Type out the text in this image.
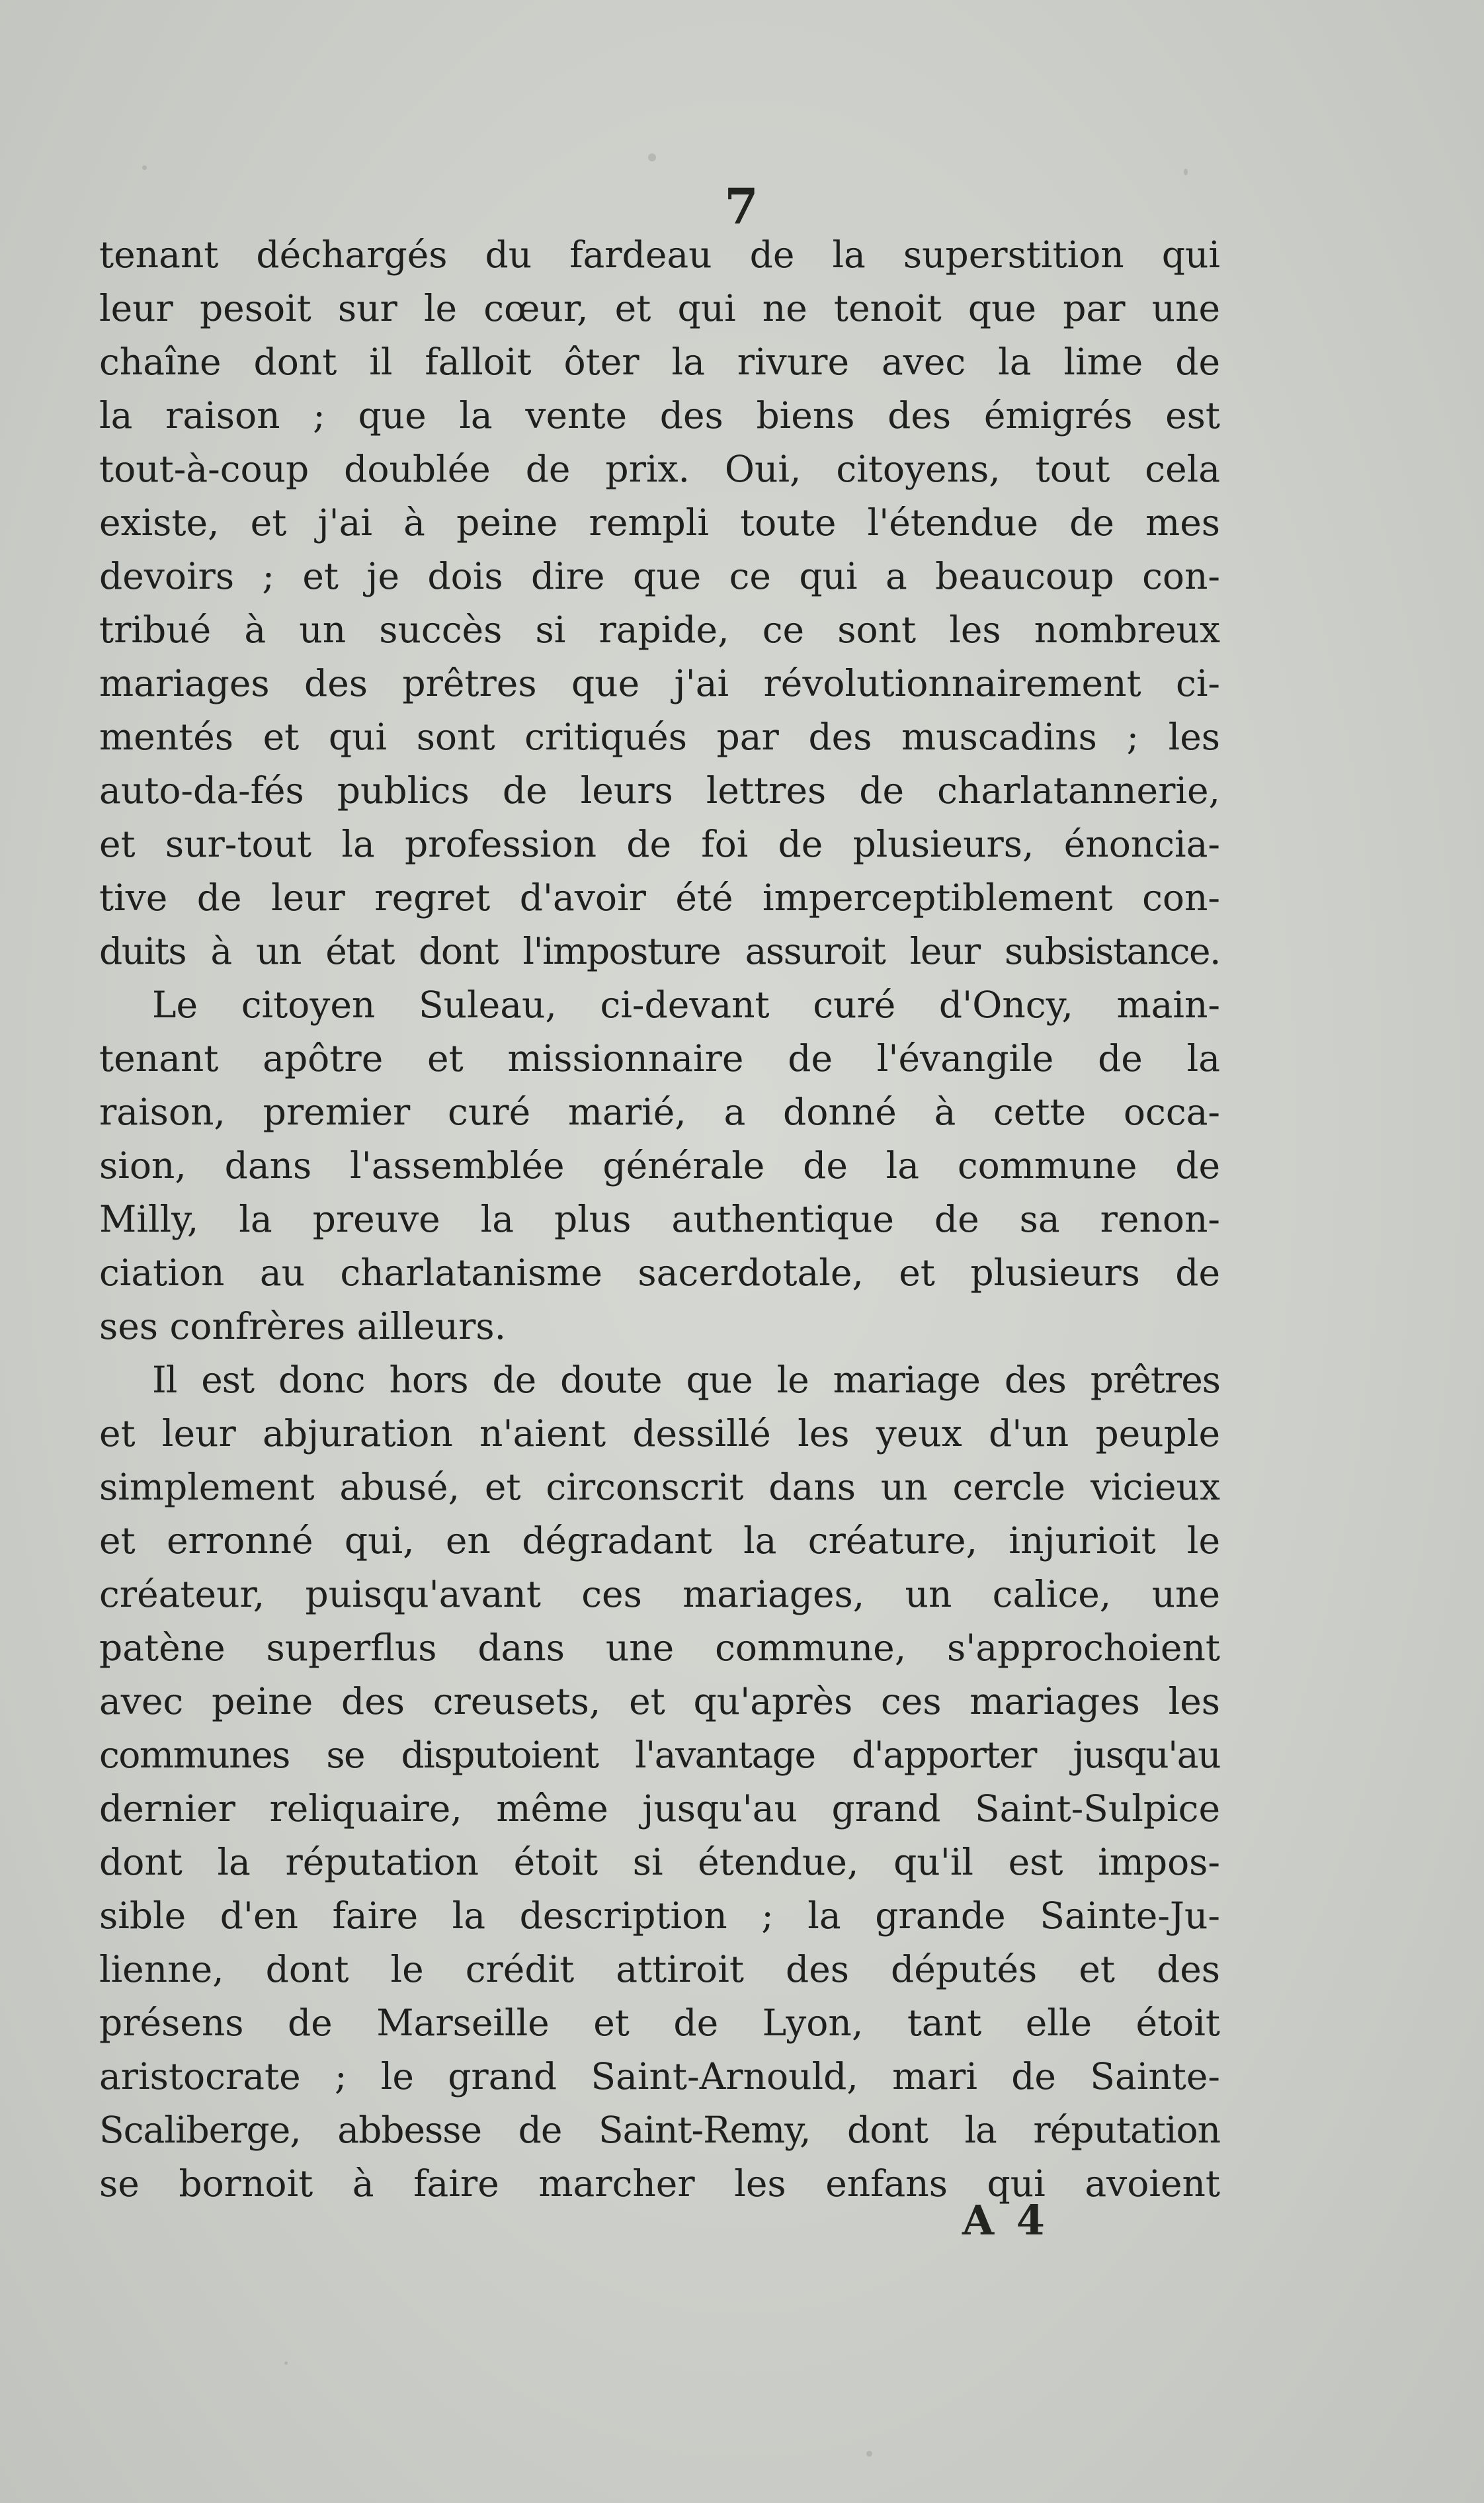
7
tenant déchargés du fardeau de la superstition qui
leur pesoit sur le cœur, et qui ne tenoit que par une
chaîne dont il falloit ôter la rivure avec la lime de
la raison ; que la vente des biens des émigrés est
tout-à-coup doublée de prix. Oui, citoyens, tout cela
existe, et j'ai à peine rempli toute l'étendue de mes
devoirs ; et je dois dire que ce qui a beaucoup con-
tribué à un succès si rapide, ce sont les nombreux
mariages des prêtres que j'ai révolutionnairement ci-
mentés et qui sont critiqués par des muscadins ; les
auto-da-fés publics de leurs lettres de charlatannerie,
et sur-tout la profession de foi de plusieurs, énoncia-
tive de leur regret d'avoir été imperceptiblement con-
duits à un état dont l'imposture assuroit leur subsistance.
Le citoyen Suleau, ci-devant curé d'Oncy, main-
tenant apôtre et missionnaire de l'évangile de la
raison, premier curé marié, a donné à cette occa-
sion, dans l'assemblée générale de la commune de
Milly, la preuve la plus authentique de sa renon-
ciation au charlatanisme sacerdotale, et plusieurs de
ses confrères ailleurs.
Il est donc hors de doute que le mariage des prêtres
et leur abjuration n'aient dessillé les yeux d'un peuple
simplement abusé, et circonscrit dans un cercle vicieux
et erronné qui, en dégradant la créature, injurioit le
créateur, puisqu'avant ces mariages, un calice, une
patène superflus dans une commune, s'approchoient
avec peine des creusets, et qu'après ces mariages les
communes se disputoient l'avantage d'apporter jusqu'au
dernier reliquaire, même jusqu'au grand Saint-Sulpice
dont la réputation étoit si étendue, qu'il est impos-
sible d'en faire la description ; la grande Sainte-Ju-
lienne, dont le crédit attiroit des députés et des
présens de Marseille et de Lyon, tant elle étoit
aristocrate ; le grand Saint-Arnould, mari de Sainte-
Scaliberge, abbesse de Saint-Remy, dont la réputation
se bornoit à faire marcher les enfans qui avoient
A 4
